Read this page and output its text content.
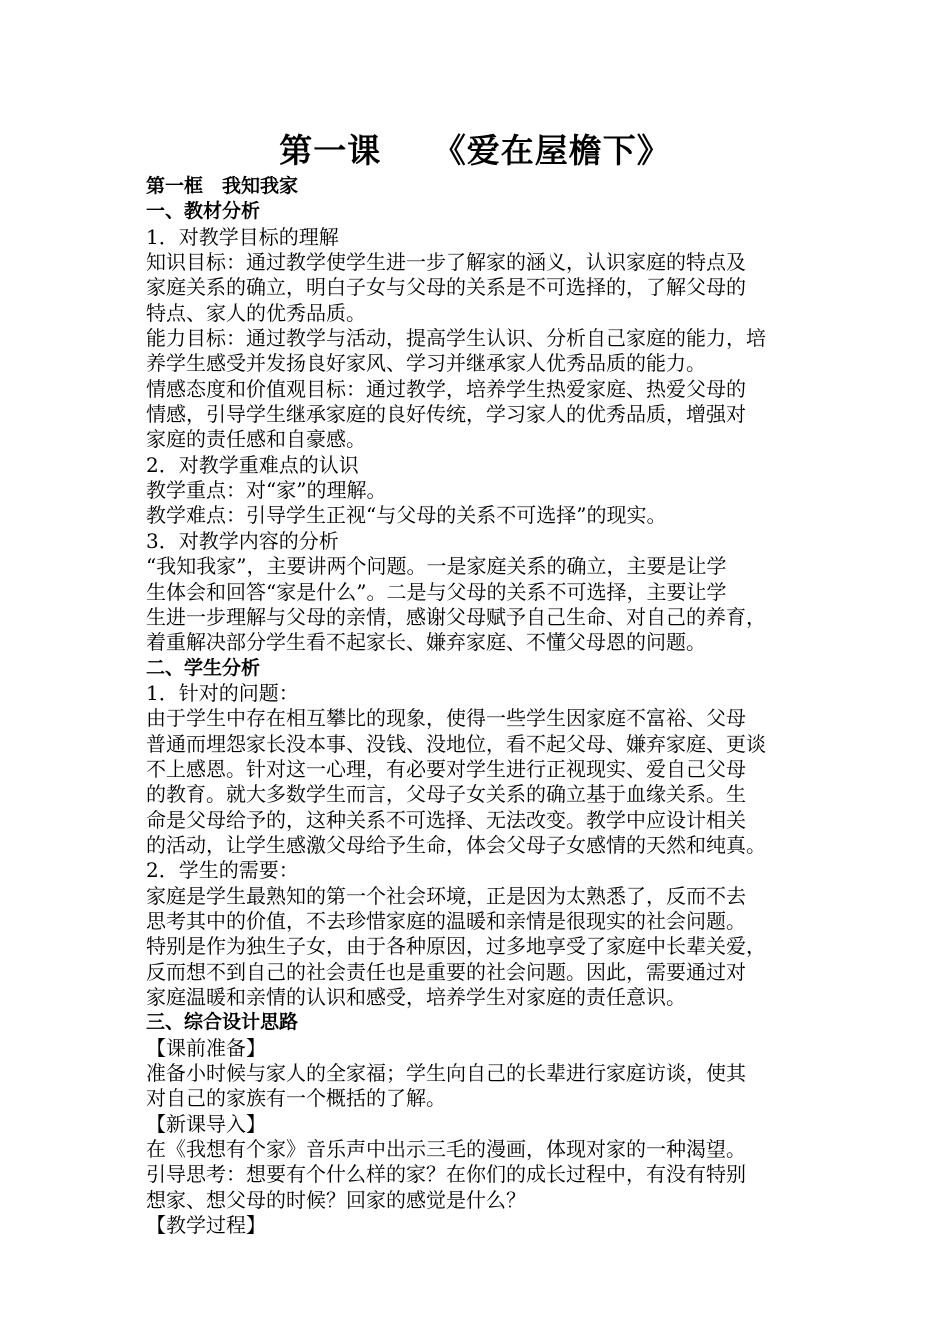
第一课　　《爱在屋檐下》
第一框　我知我家
一、教材分析
1．对教学目标的理解
知识目标：通过教学使学生进一步了解家的涵义，认识家庭的特点及
家庭关系的确立，明白子女与父母的关系是不可选择的，了解父母的
特点、家人的优秀品质。
能力目标：通过教学与活动，提高学生认识、分析自己家庭的能力，培
养学生感受并发扬良好家风、学习并继承家人优秀品质的能力。
情感态度和价值观目标：通过教学，培养学生热爱家庭、热爱父母的
情感，引导学生继承家庭的良好传统，学习家人的优秀品质，增强对
家庭的责任感和自豪感。
2．对教学重难点的认识
教学重点：对“家”的理解。
教学难点：引导学生正视“与父母的关系不可选择”的现实。
3．对教学内容的分析
“我知我家”，主要讲两个问题。一是家庭关系的确立，主要是让学
生体会和回答“家是什么”。二是与父母的关系不可选择，主要让学
生进一步理解与父母的亲情，感谢父母赋予自己生命、对自己的养育，
着重解决部分学生看不起家长、嫌弃家庭、不懂父母恩的问题。
二、学生分析
1．针对的问题：
由于学生中存在相互攀比的现象，使得一些学生因家庭不富裕、父母
普通而埋怨家长没本事、没钱、没地位，看不起父母、嫌弃家庭、更谈
不上感恩。针对这一心理，有必要对学生进行正视现实、爱自己父母
的教育。就大多数学生而言，父母子女关系的确立基于血缘关系。生
命是父母给予的，这种关系不可选择、无法改变。教学中应设计相关
的活动，让学生感激父母给予生命，体会父母子女感情的天然和纯真。
2．学生的需要：
家庭是学生最熟知的第一个社会环境，正是因为太熟悉了，反而不去
思考其中的价值，不去珍惜家庭的温暖和亲情是很现实的社会问题。
特别是作为独生子女，由于各种原因，过多地享受了家庭中长辈关爱，
反而想不到自己的社会责任也是重要的社会问题。因此，需要通过对
家庭温暖和亲情的认识和感受，培养学生对家庭的责任意识。
三、综合设计思路
【课前准备】
准备小时候与家人的全家福；学生向自己的长辈进行家庭访谈，使其
对自己的家族有一个概括的了解。
【新课导入】
在《我想有个家》音乐声中出示三毛的漫画，体现对家的一种渴望。
引导思考：想要有个什么样的家？在你们的成长过程中，有没有特别
想家、想父母的时候？回家的感觉是什么？
【教学过程】
